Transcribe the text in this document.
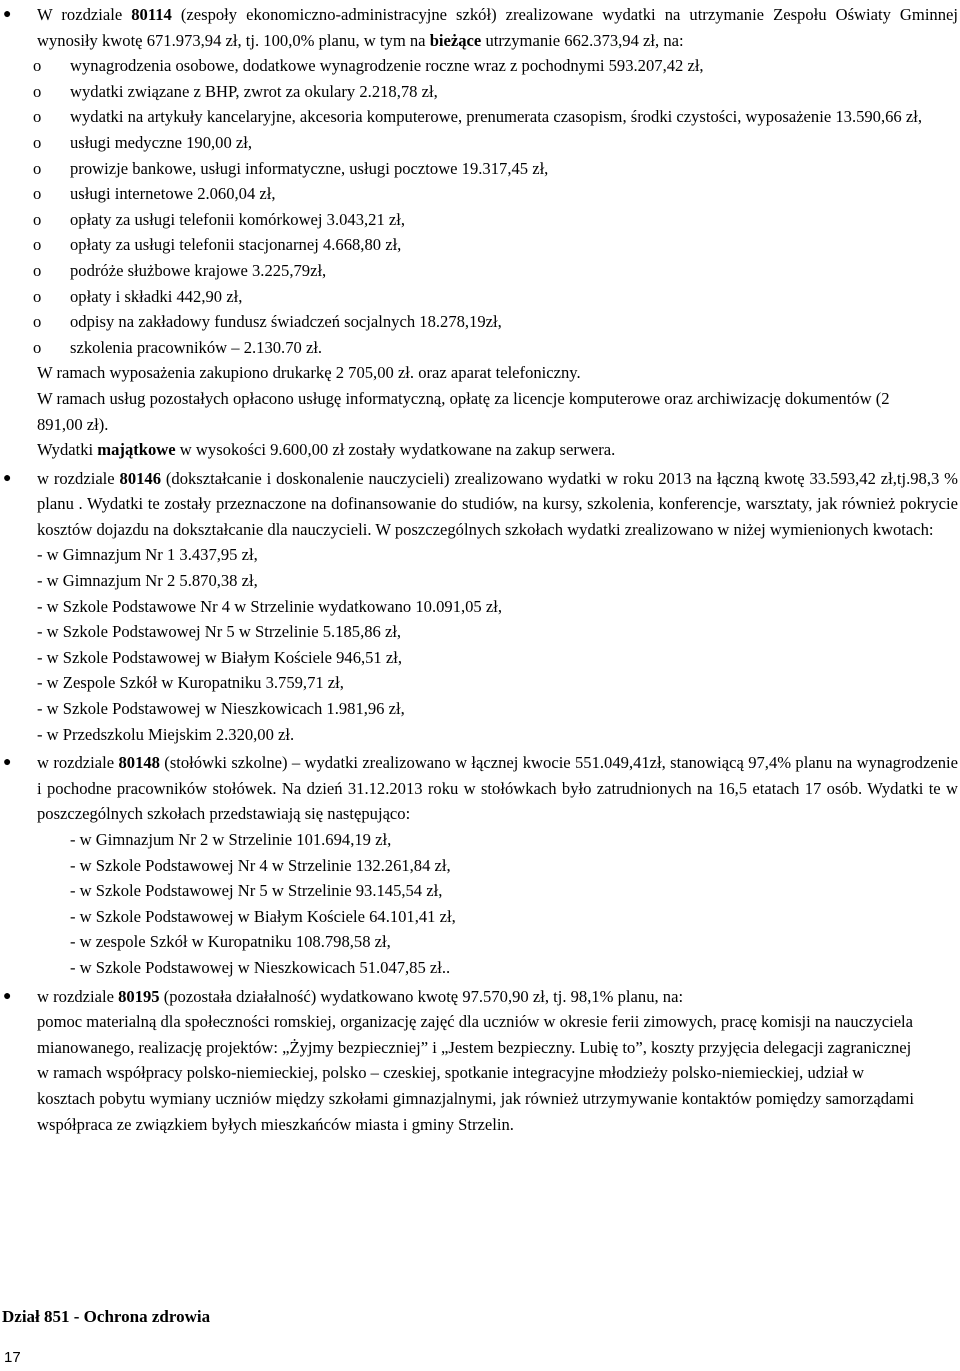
● W rozdziale 80114 (zespoły ekonomiczno-administracyjne szkół) zrealizowane wydatki na utrzymanie Zespołu Oświaty Gminnej wynosiły kwotę 671.973,94 zł, tj. 100,0% planu, w tym na bieżące utrzymanie 662.373,94 zł, na:
o wynagrodzenia osobowe, dodatkowe wynagrodzenie roczne wraz z pochodnymi 593.207,42 zł,
o wydatki związane z BHP, zwrot za okulary 2.218,78 zł,
o wydatki na artykuły kancelaryjne, akcesoria komputerowe, prenumerata czasopism, środki czystości, wyposażenie 13.590,66 zł,
o usługi medyczne 190,00 zł,
o prowizje bankowe, usługi informatyczne, usługi pocztowe 19.317,45 zł,
o usługi internetowe 2.060,04 zł,
o opłaty za usługi telefonii komórkowej 3.043,21 zł,
o opłaty za usługi telefonii stacjonarnej 4.668,80 zł,
o podróże służbowe krajowe 3.225,79zł,
o opłaty i składki 442,90 zł,
o odpisy na zakładowy fundusz świadczeń socjalnych 18.278,19zł,
o szkolenia pracowników – 2.130.70 zł.
W ramach wyposażenia zakupiono drukarkę 2 705,00 zł. oraz aparat telefoniczny.
W ramach usług pozostałych opłacono usługę informatyczną, opłatę za licencje komputerowe oraz archiwizację dokumentów (2 891,00 zł).
Wydatki majątkowe w wysokości 9.600,00 zł zostały wydatkowane na zakup serwera.
● w rozdziale 80146 (dokształcanie i doskonalenie nauczycieli) zrealizowano wydatki w roku 2013 na łączną kwotę 33.593,42 zł,tj.98,3 % planu . Wydatki te zostały przeznaczone na dofinansowanie do studiów, na kursy, szkolenia, konferencje, warsztaty, jak również pokrycie kosztów dojazdu na dokształcanie dla nauczycieli. W poszczególnych szkołach wydatki zrealizowano w niżej wymienionych kwotach:
- w Gimnazjum Nr 1 3.437,95 zł,
- w Gimnazjum Nr 2 5.870,38 zł,
- w Szkole Podstawowe Nr 4 w Strzelinie wydatkowano 10.091,05 zł,
- w Szkole Podstawowej Nr 5 w Strzelinie 5.185,86 zł,
- w Szkole Podstawowej w Białym Kościele 946,51 zł,
- w Zespole Szkół w Kuropatniku 3.759,71 zł,
- w Szkole Podstawowej w Nieszkowicach 1.981,96 zł,
- w Przedszkolu Miejskim 2.320,00 zł.
● w rozdziale 80148 (stołówki szkolne) – wydatki zrealizowano w łącznej kwocie 551.049,41zł, stanowiącą 97,4% planu na wynagrodzenie i pochodne pracowników stołówek. Na dzień 31.12.2013 roku w stołówkach było zatrudnionych na 16,5 etatach 17 osób. Wydatki te w poszczególnych szkołach przedstawiają się następująco:
- w Gimnazjum Nr 2 w Strzelinie 101.694,19 zł,
- w Szkole Podstawowej Nr 4 w Strzelinie 132.261,84 zł,
- w Szkole Podstawowej Nr 5 w Strzelinie 93.145,54 zł,
- w Szkole Podstawowej w Białym Kościele 64.101,41 zł,
- w zespole Szkół w Kuropatniku 108.798,58 zł,
- w Szkole Podstawowej w Nieszkowicach 51.047,85 zł..
● w rozdziale 80195 (pozostała działalność) wydatkowano kwotę 97.570,90 zł, tj. 98,1% planu, na:
pomoc materialną dla społeczności romskiej, organizację zajęć dla uczniów w okresie ferii zimowych, pracę komisji na nauczyciela mianowanego, realizację projektów: „Żyjmy bezpieczniej” i „Jestem bezpieczny. Lubię to”, koszty przyjęcia delegacji zagranicznej w ramach współpracy polsko-niemieckiej, polsko – czeskiej, spotkanie integracyjne młodzieży polsko-niemieckiej, udział w kosztach pobytu wymiany uczniów między szkołami gimnazjalnymi, jak również utrzymywanie kontaktów pomiędzy samorządami współpraca ze związkiem byłych mieszkańców miasta i gminy Strzelin.
Dział 851 - Ochrona zdrowia
17
